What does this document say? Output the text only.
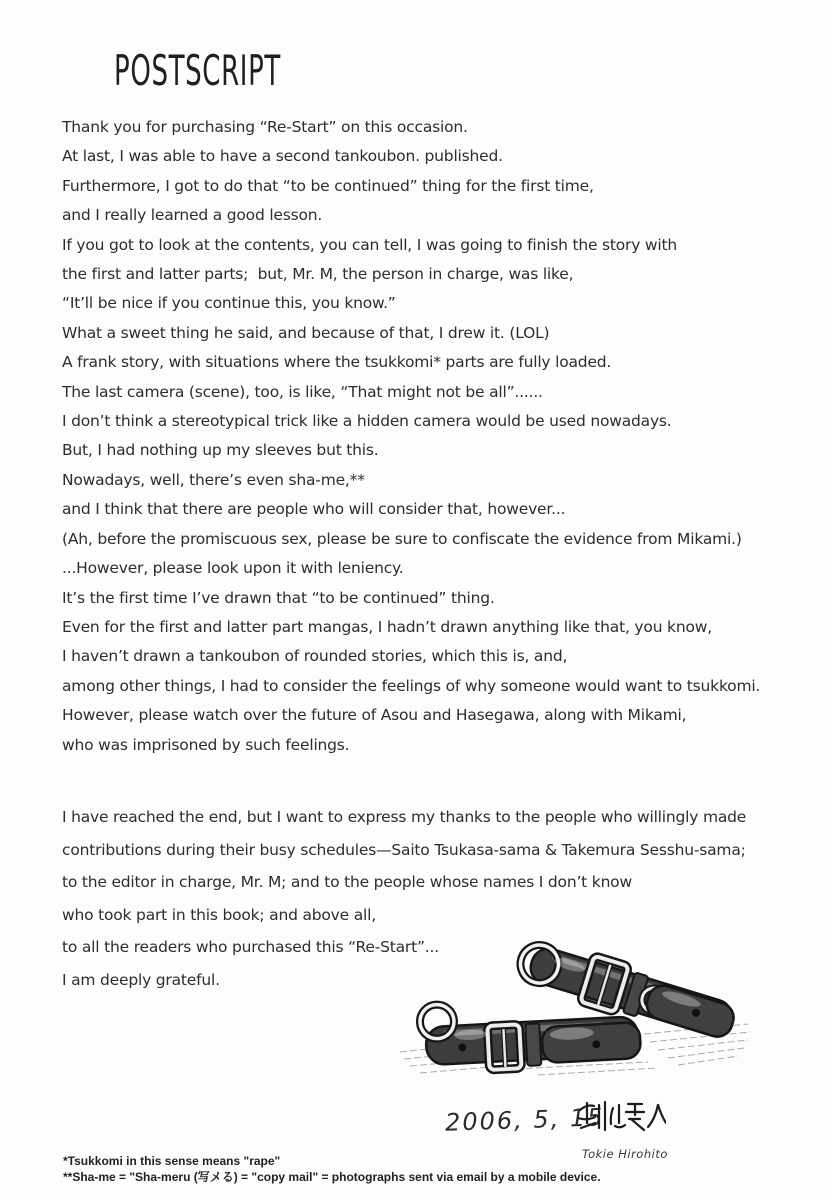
POSTSCRIPT
Thank you for purchasing “Re-Start” on this occasion.
At last, I was able to have a second tankoubon. published.
Furthermore, I got to do that “to be continued” thing for the first time,
and I really learned a good lesson.
If you got to look at the contents, you can tell, I was going to finish the story with
the first and latter parts;  but, Mr. M, the person in charge, was like,
“It’ll be nice if you continue this, you know.”
What a sweet thing he said, and because of that, I drew it. (LOL)
A frank story, with situations where the tsukkomi* parts are fully loaded.
The last camera (scene), too, is like, “That might not be all”......
I don’t think a stereotypical trick like a hidden camera would be used nowadays.
But, I had nothing up my sleeves but this.
Nowadays, well, there’s even sha-me,**
and I think that there are people who will consider that, however...
(Ah, before the promiscuous sex, please be sure to confiscate the evidence from Mikami.)
...However, please look upon it with leniency.
It’s the first time I’ve drawn that “to be continued” thing.
Even for the first and latter part mangas, I hadn’t drawn anything like that, you know,
I haven’t drawn a tankoubon of rounded stories, which this is, and,
among other things, I had to consider the feelings of why someone would want to tsukkomi.
However, please watch over the future of Asou and Hasegawa, along with Mikami,
who was imprisoned by such feelings.
I have reached the end, but I want to express my thanks to the people who willingly made
contributions during their busy schedules—Saito Tsukasa-sama & Takemura Sesshu-sama;
to the editor in charge, Mr. M; and to the people whose names I don’t know
who took part in this book; and above all,
to all the readers who purchased this “Re-Start”...
I am deeply grateful.
2006, 5, 15
Tokie Hirohito
*Tsukkomi in this sense means "rape"
**Sha-me = "Sha-meru (写メる) = "copy mail" = photographs sent via email by a mobile device.
